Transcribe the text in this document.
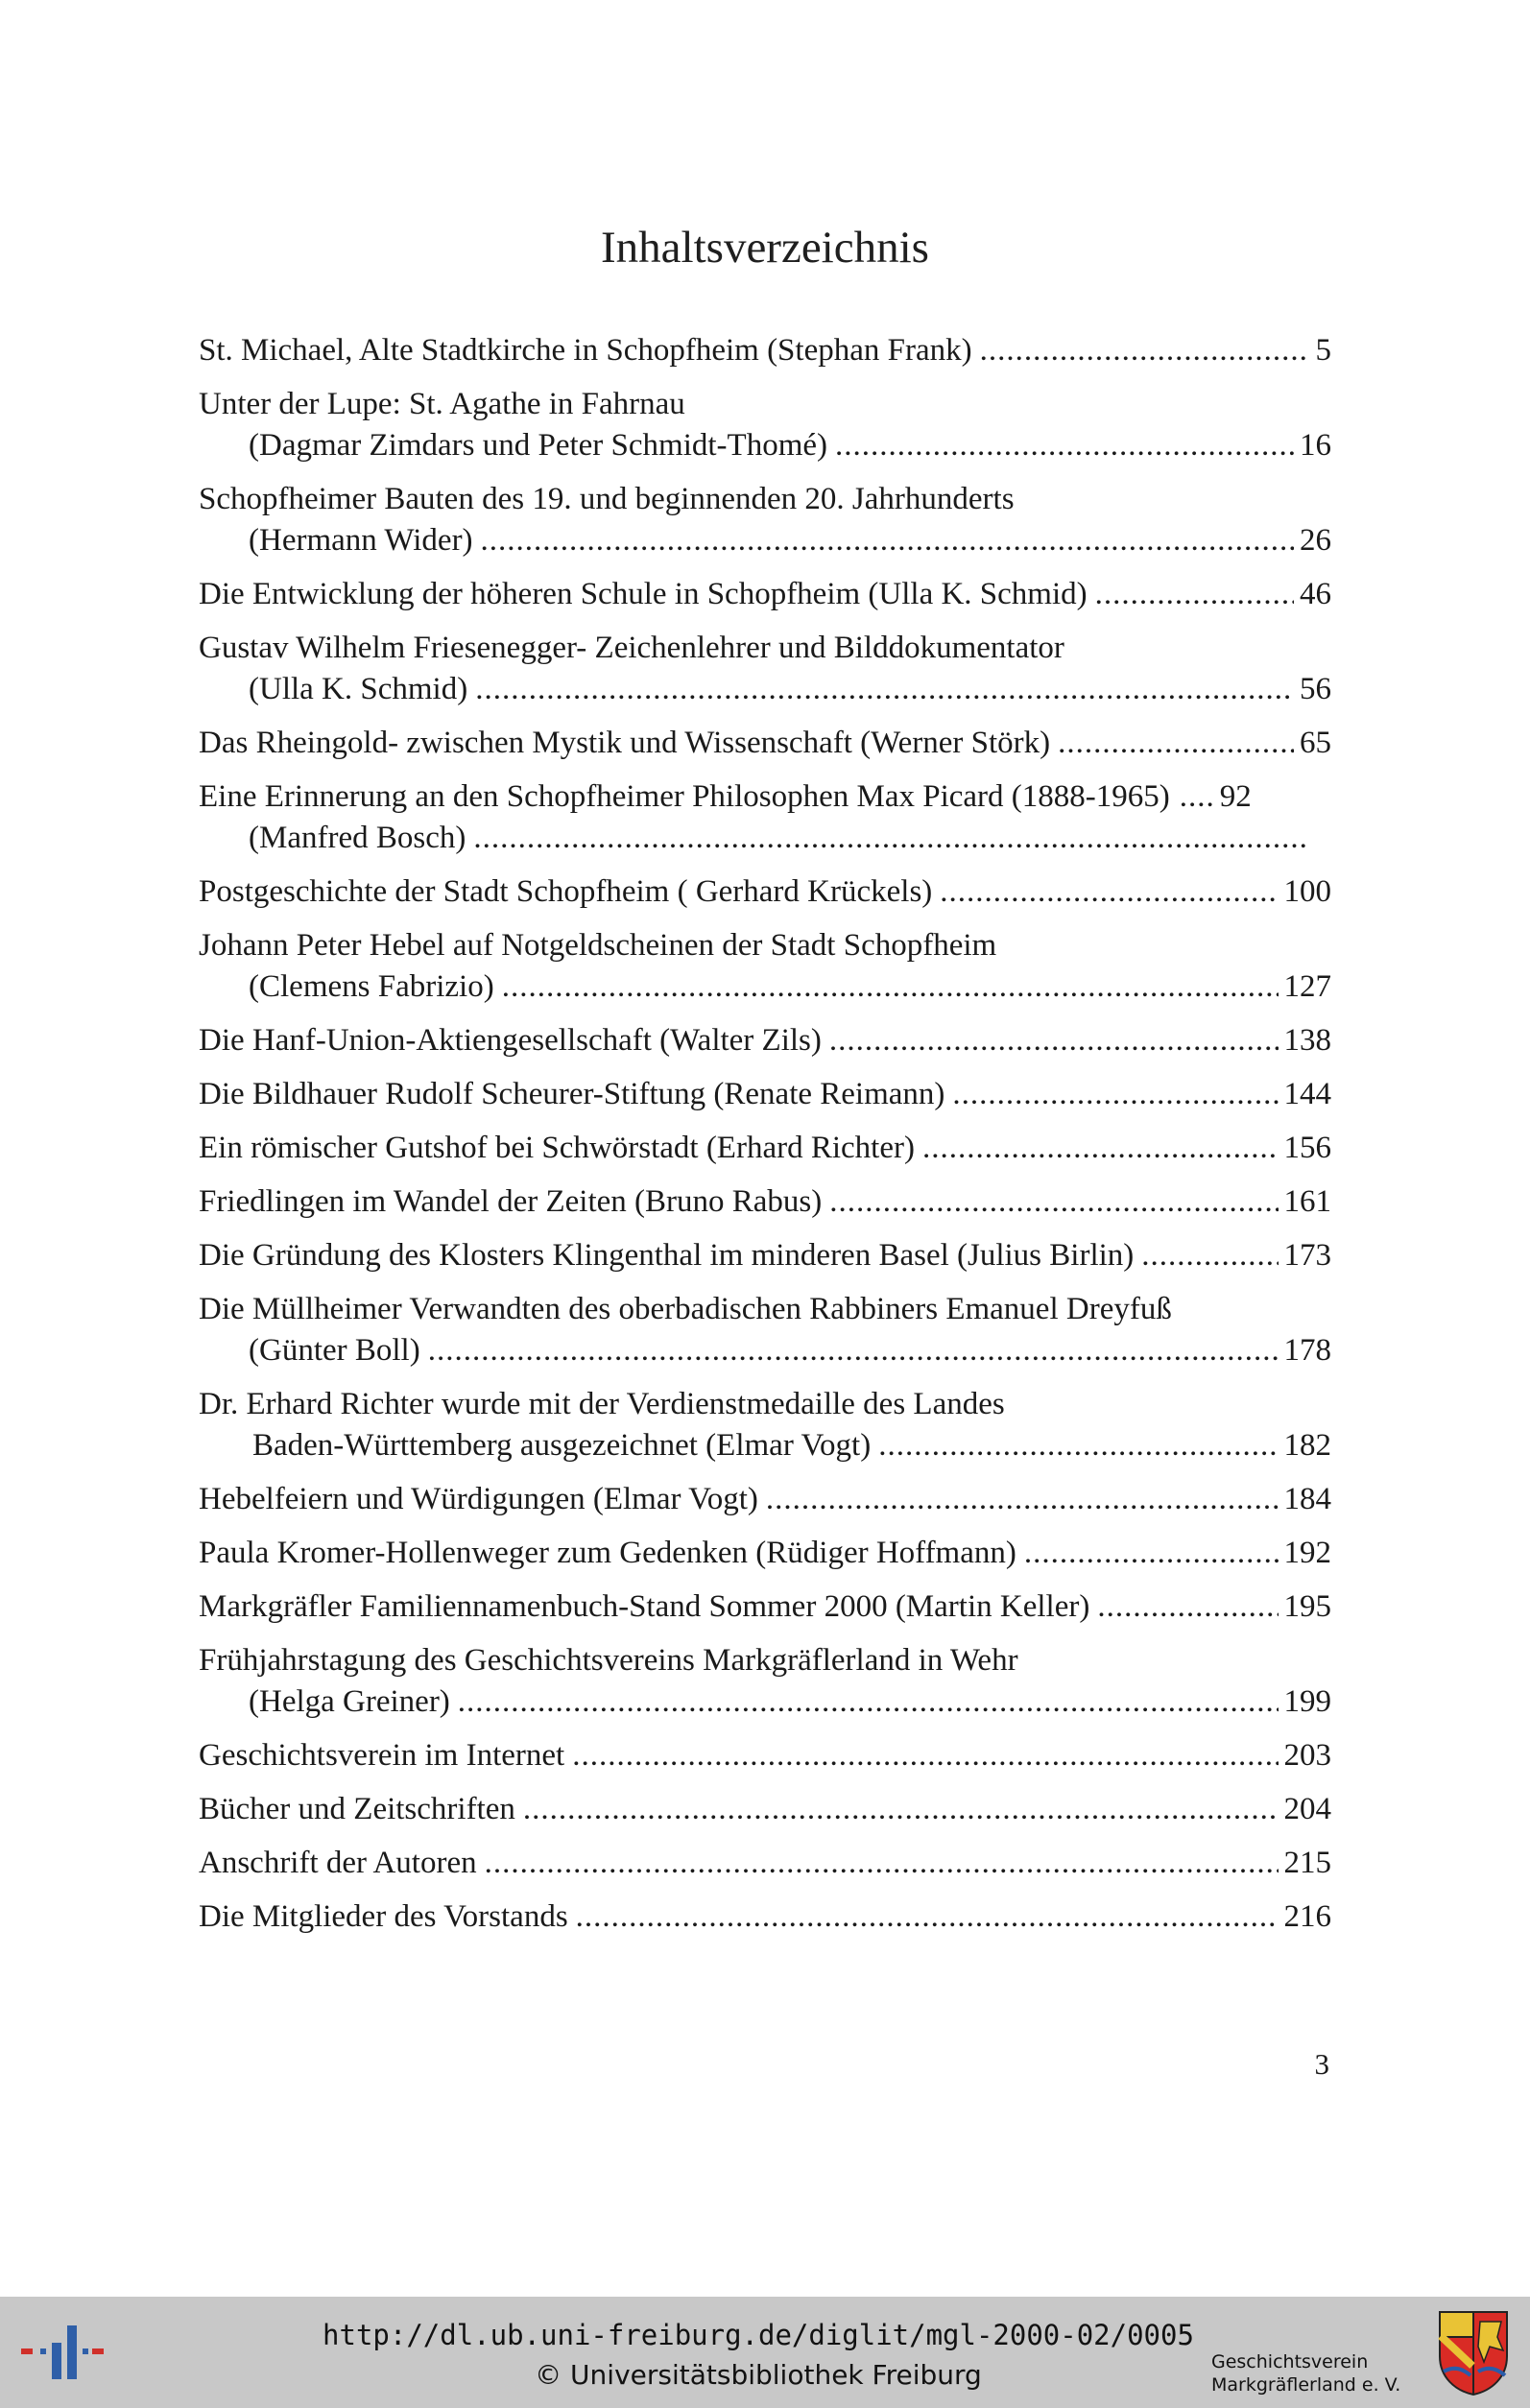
Inhaltsverzeichnis
St. Michael, Alte Stadtkirche in Schopfheim (Stephan Frank) .....	5
Unter der Lupe: St. Agathe in Fahrnau
(Dagmar Zimdars und Peter Schmidt-Thomé) .....	16
Schopfheimer Bauten des 19. und beginnenden 20. Jahrhunderts
(Hermann Wider) .....	26
Die Entwicklung der höheren Schule in Schopfheim (Ulla K. Schmid) .....	46
Gustav Wilhelm Friesenegger- Zeichenlehrer und Bilddokumentator
(Ulla K. Schmid) .....	56
Das Rheingold- zwischen Mystik und Wissenschaft (Werner Störk) .....	65
Eine Erinnerung an den Schopfheimer Philosophen Max Picard (1888-1965) ..... 92
(Manfred Bosch)
.....
Postgeschichte der Stadt Schopfheim ( Gerhard Krückels) .....	100
Johann Peter Hebel auf Notgeldscheinen der Stadt Schopfheim
(Clemens Fabrizio) .....	127
Die Hanf-Union-Aktiengesellschaft (Walter Zils) .....	138
Die Bildhauer Rudolf Scheurer-Stiftung (Renate Reimann) .....	144
Ein römischer Gutshof bei Schwörstadt (Erhard Richter) .....	156
Friedlingen im Wandel der Zeiten (Bruno Rabus) .....	161
Die Gründung des Klosters Klingenthal im minderen Basel (Julius Birlin) .....	173
Die Müllheimer Verwandten des oberbadischen Rabbiners Emanuel Dreyfuß
(Günter Boll) .....	178
Dr. Erhard Richter wurde mit der Verdienstmedaille des Landes
Baden-Württemberg ausgezeichnet (Elmar Vogt) .....	182
Hebelfeiern und Würdigungen (Elmar Vogt) .....	184
Paula Kromer-Hollenweger zum Gedenken (Rüdiger Hoffmann) .....	192
Markgräfler Familiennamenbuch-Stand Sommer 2000 (Martin Keller) .....	195
Frühjahrstagung des Geschichtsvereins Markgräflerland in Wehr
(Helga Greiner) .....	199
Geschichtsverein im Internet .....	203
Bücher und Zeitschriften .....	204
Anschrift der Autoren .....	215
Die Mitglieder des Vorstands .....	216
3
http://dl.ub.uni-freiburg.de/diglit/mgl-2000-02/0005
© Universitätsbibliothek Freiburg	Geschichtsverein
Markgräflerland e. V.
